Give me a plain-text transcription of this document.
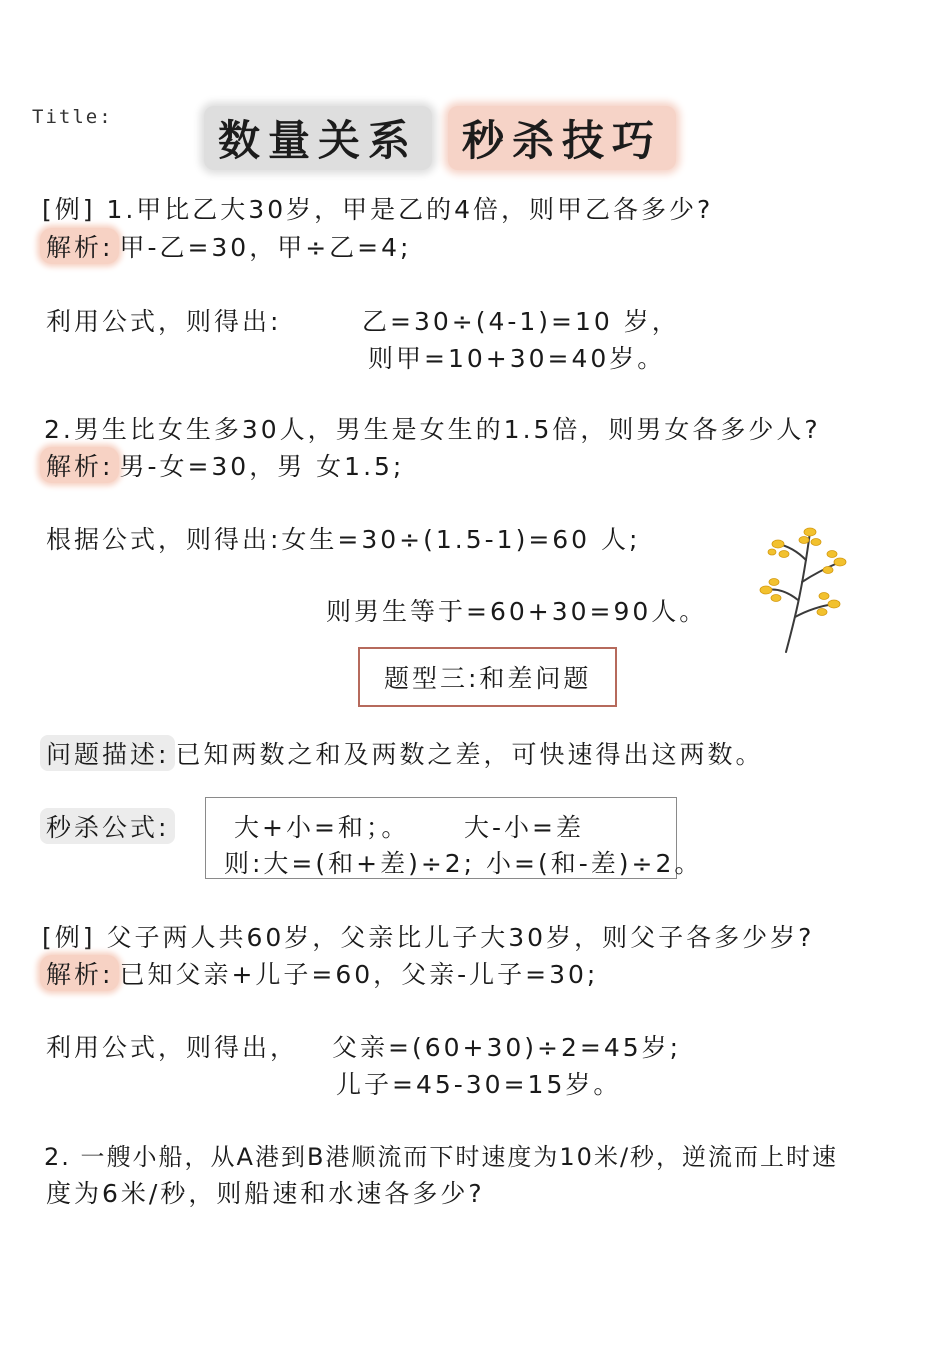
Title:	数量关系	秒杀技巧
[例] 1.甲比乙大30岁，甲是乙的4倍，则甲乙各多少?
解析: 甲-乙=30，甲÷乙=4;
利用公式，则得出:	乙=30÷(4-1)=10 岁，
则甲=10+30=40岁。
2.男生比女生多30人，男生是女生的1.5倍，则男女各多少人?
解析: 男-女=30，男 女1.5;
根据公式，则得出:女生=30÷(1.5-1)=60 人;
则男生等于=60+30=90人。
题型三:和差问题
问题描述: 已知两数之和及两数之差，可快速得出这两数。
秒杀公式:	大+小=和；。 大-小=差
则:大=(和+差)÷2; 小=(和-差)÷2。
[例] 父子两人共60岁，父亲比儿子大30岁，则父子各多少岁?
解析: 已知父亲+儿子=60，父亲-儿子=30;
利用公式，则得出， 父亲=(60+30)÷2=45岁;
儿子=45-30=15岁。
2. 一艘小船，从A港到B港顺流而下时速度为10米/秒，逆流而上时速
度为6米/秒，则船速和水速各多少?
